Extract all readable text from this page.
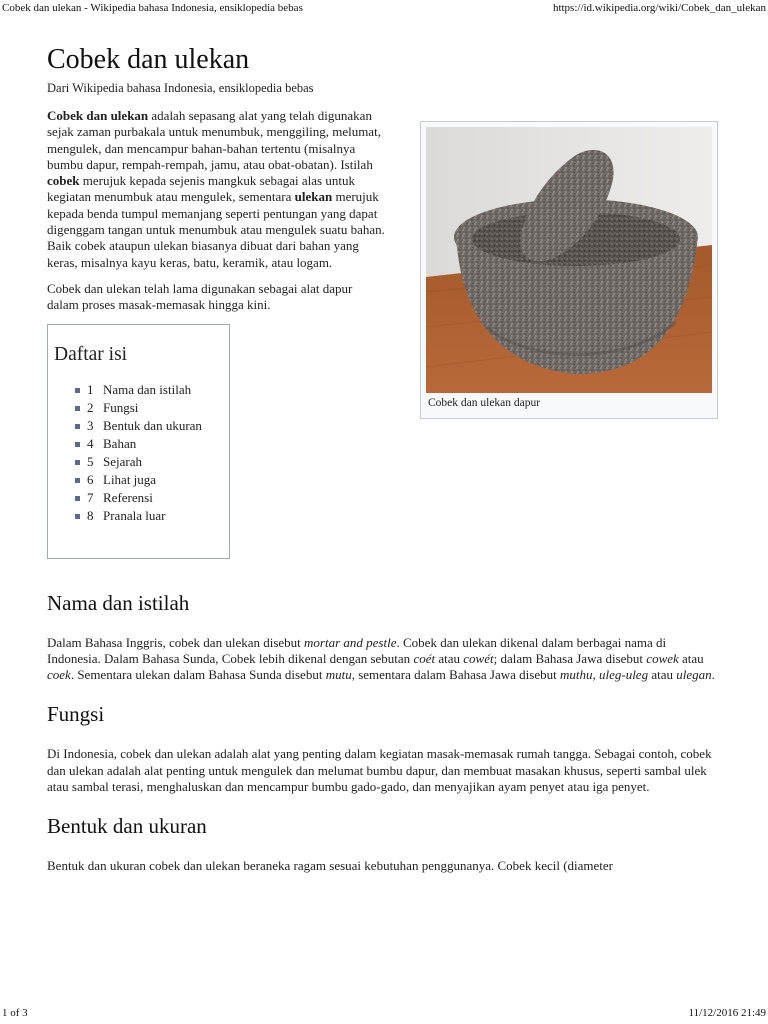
Cobek dan ulekan - Wikipedia bahasa Indonesia, ensiklopedia bebas	https://id.wikipedia.org/wiki/Cobek_dan_ulekan
Cobek dan ulekan
Dari Wikipedia bahasa Indonesia, ensiklopedia bebas
Cobek dan ulekan dapur

Cobek dan ulekan adalah sepasang alat yang telah digunakan sejak zaman purbakala untuk menumbuk, menggiling, melumat, mengulek, dan mencampur bahan-bahan tertentu (misalnya bumbu dapur, rempah-rempah, jamu, atau obat-obatan). Istilah cobek merujuk kepada sejenis mangkuk sebagai alas untuk kegiatan menumbuk atau mengulek, sementara ulekan merujuk kepada benda tumpul memanjang seperti pentungan yang dapat digenggam tangan untuk menumbuk atau mengulek suatu bahan. Baik cobek ataupun ulekan biasanya dibuat dari bahan yang keras, misalnya kayu keras, batu, keramik, atau logam.

Cobek dan ulekan telah lama digunakan sebagai alat dapur dalam proses masak-memasak hingga kini.

Daftar isi
1 Nama dan istilah
2 Fungsi
3 Bentuk dan ukuran
4 Bahan
5 Sejarah
6 Lihat juga
7 Referensi
8 Pranala luar
Nama dan istilah

Dalam Bahasa Inggris, cobek dan ulekan disebut mortar and pestle. Cobek dan ulekan dikenal dalam berbagai nama di Indonesia. Dalam Bahasa Sunda, Cobek lebih dikenal dengan sebutan coét atau cowét; dalam Bahasa Jawa disebut cowek atau coek. Sementara ulekan dalam Bahasa Sunda disebut mutu, sementara dalam Bahasa Jawa disebut muthu, uleg-uleg atau ulegan.

Fungsi

Di Indonesia, cobek dan ulekan adalah alat yang penting dalam kegiatan masak-memasak rumah tangga. Sebagai contoh, cobek dan ulekan adalah alat penting untuk mengulek dan melumat bumbu dapur, dan membuat masakan khusus, seperti sambal ulek atau sambal terasi, menghaluskan dan mencampur bumbu gado-gado, dan menyajikan ayam penyet atau iga penyet.

Bentuk dan ukuran

Bentuk dan ukuran cobek dan ulekan beraneka ragam sesuai kebutuhan penggunanya. Cobek kecil (diameter

1 of 3	11/12/2016 21:49
